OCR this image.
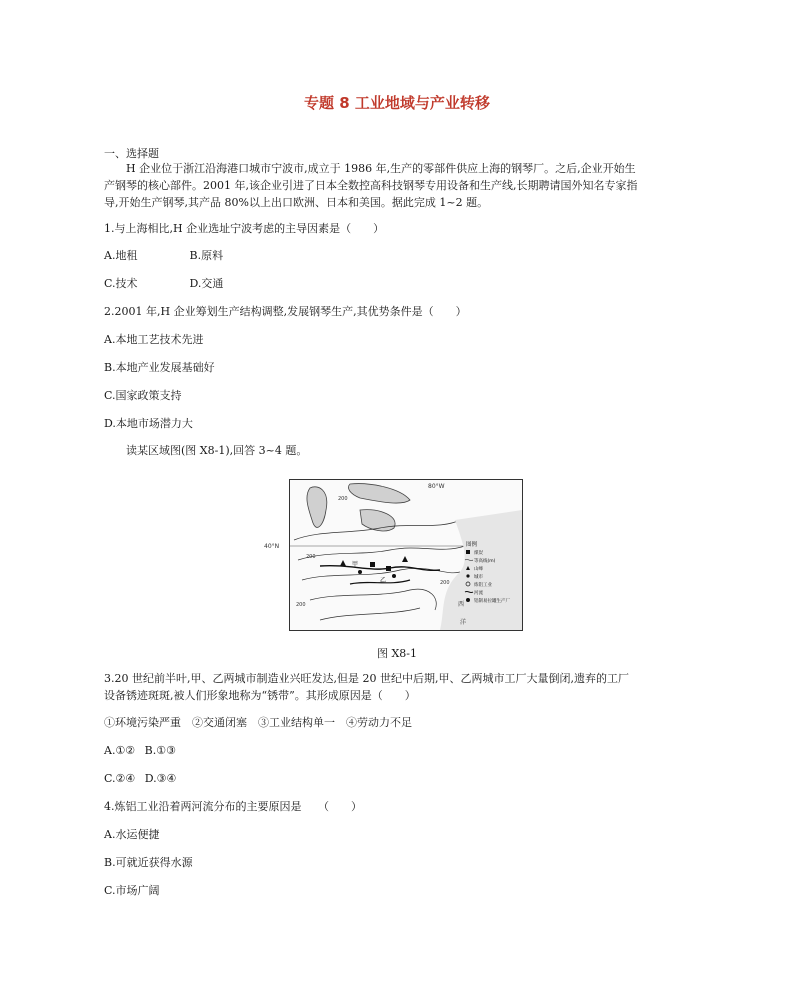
专题 8 工业地域与产业转移
一、选择题
H 企业位于浙江沿海港口城市宁波市,成立于 1986 年,生产的零部件供应上海的钢琴厂。之后,企业开始生
产钢琴的核心部件。2001 年,该企业引进了日本全数控高科技钢琴专用设备和生产线,长期聘请国外知名专家指
导,开始生产钢琴,其产品 80%以上出口欧洲、日本和美国。据此完成 1~2 题。
1.与上海相比,H 企业选址宁波考虑的主导因素是（　　）
A.地租	B.原料
C.技术	D.交通
2.2001 年,H 企业筹划生产结构调整,发展钢琴生产,其优势条件是（　　）
A.本地工艺技术先进
B.本地产业发展基础好
C.国家政策支持
D.本地市场潜力大
读某区域图(图 X8-1),回答 3~4 题。
80°W
40°N
200
200
200
200
甲
乙
西
洋
图例
煤炭
等高线(m)
山峰
城市
炼铝工业
河流
铝制易拉罐生产厂
图 X8-1
3.20 世纪前半叶,甲、乙两城市制造业兴旺发达,但是 20 世纪中后期,甲、乙两城市工厂大量倒闭,遗弃的工厂
设备锈迹斑斑,被人们形象地称为“锈带”。其形成原因是（　　）
①环境污染严重　②交通闭塞　③工业结构单一　④劳动力不足
A.①② B.①③
C.②④ D.③④
4.炼铝工业沿着两河流分布的主要原因是　　（　　）
A.水运便捷
B.可就近获得水源
C.市场广阔
